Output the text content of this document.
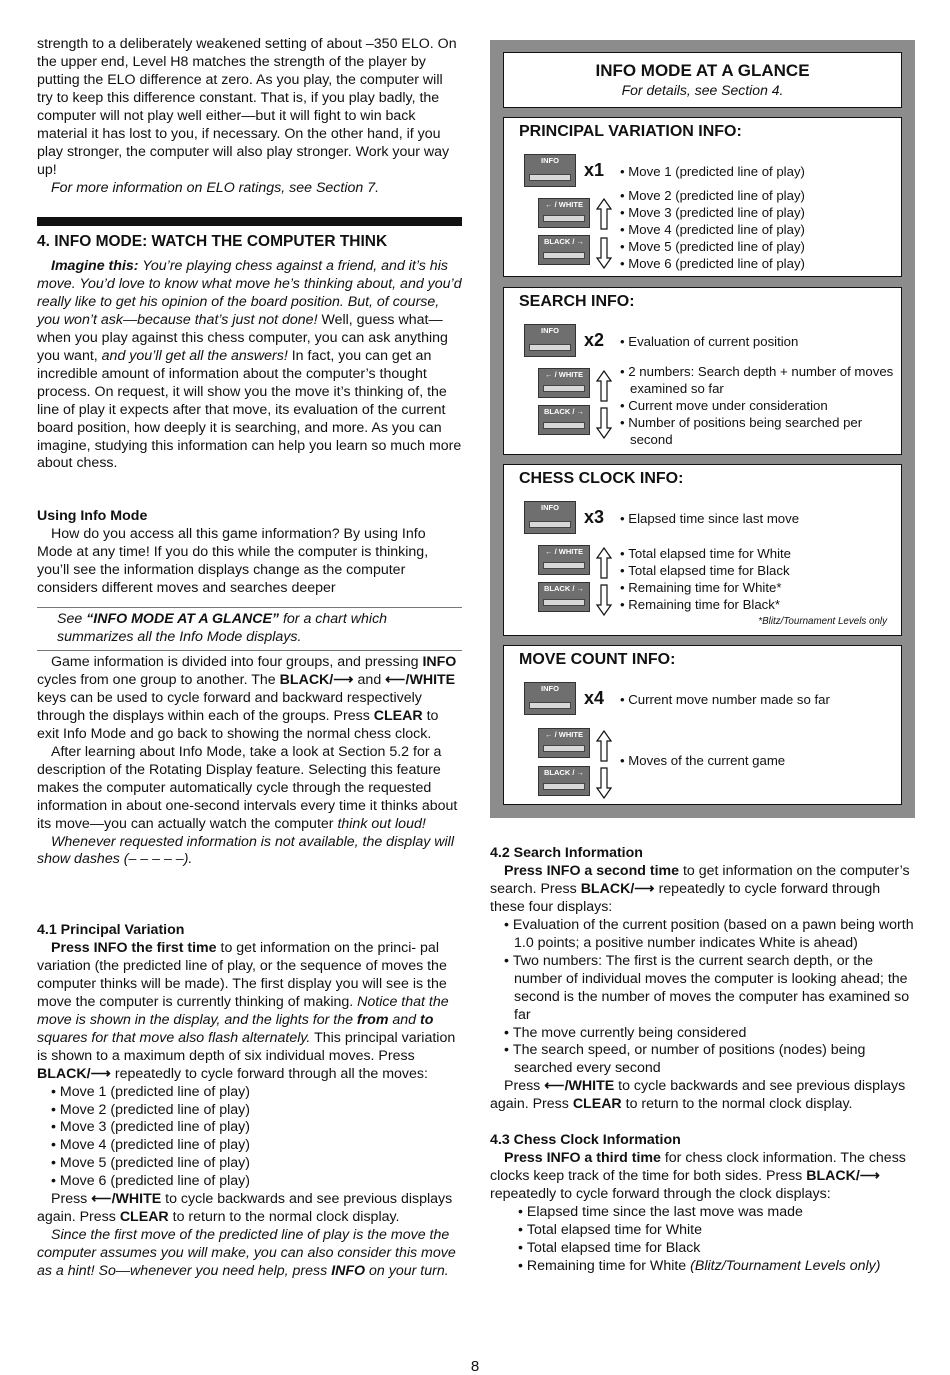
strength to a deliberately weakened setting of about –350 ELO. On the upper end, Level H8 matches the strength of the player by putting the ELO difference at zero. As you play, the computer will try to keep this difference constant. That is, if you play badly, the computer will not play well either—but it will fight to win back material it has lost to you, if necessary. On the other hand, if you play stronger, the computer will also play stronger. Work your way up!

For more information on ELO ratings, see Section 7.

4. INFO MODE: WATCH THE COMPUTER THINK

Imagine this: You’re playing chess against a friend, and it’s his move. You’d love to know what move he’s thinking about, and you’d really like to get his opinion of the board position. But, of course, you won’t ask—because that’s just not done! Well, guess what—when you play against this chess computer, you can ask anything you want, and you’ll get all the answers! In fact, you can get an incredible amount of information about the computer’s thought process. On request, it will show you the move it’s thinking of, the line of play it expects after that move, its evaluation of the current board position, how deeply it is searching, and more. As you can imagine, studying this information can help you learn so much more about chess.

Using Info Mode

How do you access all this game information? By using Info Mode at any time! If you do this while the computer is thinking, you’ll see the information displays change as the computer considers different moves and searches deeper

See “INFO MODE AT A GLANCE” for a chart which summarizes all the Info Mode displays.

Game information is divided into four groups, and pressing INFO cycles from one group to another. The BLACK/⟶ and ⟵/WHITE keys can be used to cycle forward and backward respectively through the displays within each of the groups. Press CLEAR to exit Info Mode and go back to showing the normal chess clock.

After learning about Info Mode, take a look at Section 5.2 for a description of the Rotating Display feature. Selecting this feature makes the computer automatically cycle through the requested information in about one-second intervals every time it thinks about its move—you can actually watch the computer think out loud!

Whenever requested information is not available, the display will show dashes (– – – – –).

4.1 Principal Variation

Press INFO the first time to get information on the princi- pal variation (the predicted line of play, or the sequence of moves the computer thinks will be made). The first display you will see is the move the computer is currently thinking of making. Notice that the move is shown in the display, and the lights for the from and to squares for that move also flash alternately. This principal variation is shown to a maximum depth of six individual moves. Press BLACK/⟶ repeatedly to cycle forward through all the moves:

• Move 1 (predicted line of play)
• Move 2 (predicted line of play)
• Move 3 (predicted line of play)
• Move 4 (predicted line of play)
• Move 5 (predicted line of play)
• Move 6 (predicted line of play)

Press ⟵/WHITE to cycle backwards and see previous displays again. Press CLEAR to return to the normal clock display.

Since the first move of the predicted line of play is the move the computer assumes you will make, you can also consider this move as a hint! So—whenever you need help, press INFO on your turn.

INFO MODE AT A GLANCE
For details, see Section 4.
PRINCIPAL VARIATION INFO:
INFO	x1	• Move 1 (predicted line of play)
← / WHITE
BLACK / →
• Move 2 (predicted line of play)
• Move 3 (predicted line of play)
• Move 4 (predicted line of play)
• Move 5 (predicted line of play)
• Move 6 (predicted line of play)
SEARCH INFO:
INFO	x2	• Evaluation of current position
← / WHITE
BLACK / →
• 2 numbers: Search depth + number of moves examined so far
• Current move under consideration
• Number of positions being searched per second
CHESS CLOCK INFO:
INFO	x3	• Elapsed time since last move
← / WHITE
BLACK / →
• Total elapsed time for White
• Total elapsed time for Black
• Remaining time for White*
• Remaining time for Black*
*Blitz/Tournament Levels only
MOVE COUNT INFO:
INFO	x4	• Current move number made so far
← / WHITE
BLACK / →
• Moves of the current game

4.2 Search Information

Press INFO a second time to get information on the computer’s search. Press BLACK/⟶ repeatedly to cycle forward through these four displays:

• Evaluation of the current position (based on a pawn being worth 1.0 points; a positive number indicates White is ahead)
• Two numbers: The first is the current search depth, or the number of individual moves the computer is looking ahead; the second is the number of moves the computer has examined so far
• The move currently being considered
• The search speed, or number of positions (nodes) being searched every second

Press ⟵/WHITE to cycle backwards and see previous displays again. Press CLEAR to return to the normal clock display.

4.3 Chess Clock Information

Press INFO a third time for chess clock information. The chess clocks keep track of the time for both sides. Press BLACK/⟶ repeatedly to cycle forward through the clock displays:

• Elapsed time since the last move was made
• Total elapsed time for White
• Total elapsed time for Black
• Remaining time for White (Blitz/Tournament Levels only)
8
